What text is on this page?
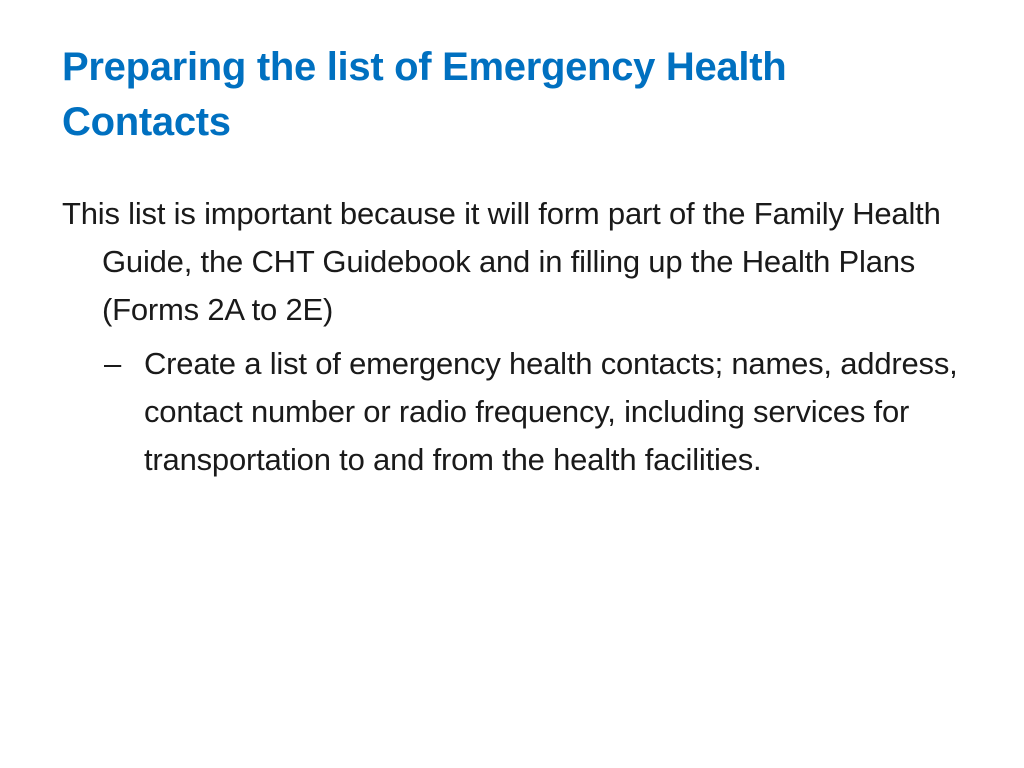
Preparing the list of Emergency Health Contacts

This list is important because it will form part of the Family Health Guide, the CHT Guidebook and in filling up the Health Plans (Forms 2A to 2E)

– Create a list of emergency health contacts; names, address, contact number or radio frequency, including services for transportation to and from the health facilities.
